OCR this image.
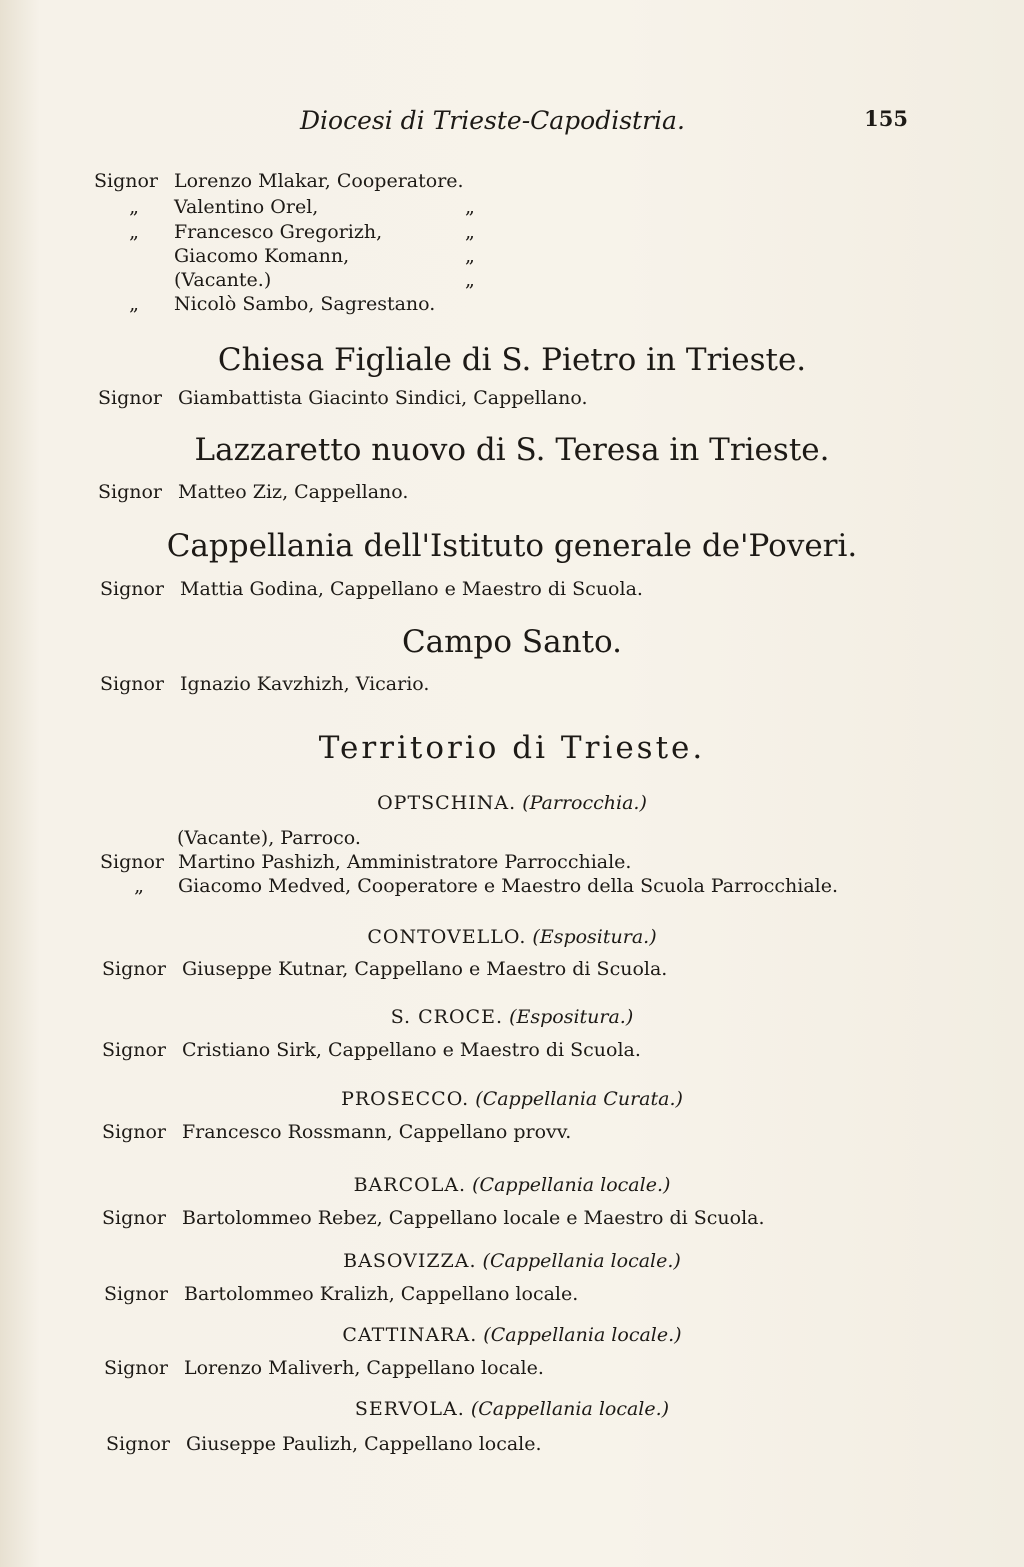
Diocesi di Trieste-Capodistria.	155
Signor Lorenzo Mlakar, Cooperatore.
„ Valentino Orel,	„
„ Francesco Gregorizh,	„
Giacomo Komann,	„
(Vacante.)	„
„ Nicolò Sambo, Sagrestano.
Chiesa Figliale di S. Pietro in Trieste.
Signor Giambattista Giacinto Sindici, Cappellano.
Lazzaretto nuovo di S. Teresa in Trieste.
Signor Matteo Ziz, Cappellano.
Cappellania dell'Istituto generale de'Poveri.
Signor Mattia Godina, Cappellano e Maestro di Scuola.
Campo Santo.
Signor Ignazio Kavzhizh, Vicario.
Territorio di Trieste.
OPTSCHINA. (Parrocchia.)
(Vacante), Parroco.
Signor Martino Pashizh, Amministratore Parrocchiale.
„ Giacomo Medved, Cooperatore e Maestro della Scuola Parrocchiale.
CONTOVELLO. (Espositura.)
Signor Giuseppe Kutnar, Cappellano e Maestro di Scuola.
S. CROCE. (Espositura.)
Signor Cristiano Sirk, Cappellano e Maestro di Scuola.
PROSECCO. (Cappellania Curata.)
Signor Francesco Rossmann, Cappellano provv.
BARCOLA. (Cappellania locale.)
Signor Bartolommeo Rebez, Cappellano locale e Maestro di Scuola.
BASOVIZZA. (Cappellania locale.)
Signor Bartolommeo Kralizh, Cappellano locale.
CATTINARA. (Cappellania locale.)
Signor Lorenzo Maliverh, Cappellano locale.
SERVOLA. (Cappellania locale.)
Signor Giuseppe Paulizh, Cappellano locale.
